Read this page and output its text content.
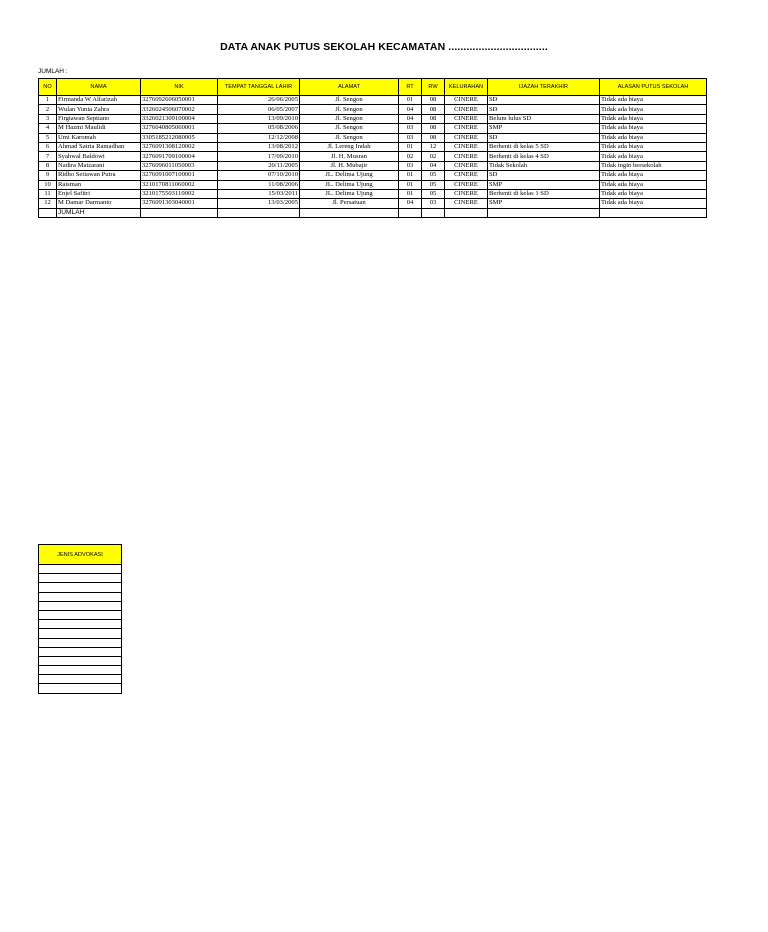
DATA ANAK PUTUS SEKOLAH KECAMATAN .................................
JUMLAH :
NO	NAMA	NIK	TEMPAT TANGGAL LAHIR	ALAMAT	RT	RW	KELURAHAN	IJAZAH TERAKHIR	ALASAN PUTUS SEKOLAH
1	Firmanda W Alfarizah	3276092606050001	26/06/2005	Jl. Sengon	01	08	CINERE	SD	Tidak ada biaya
2	Wulan Yunia Zahra	3326024506070002	06/05/2007	Jl. Sengon	04	08	CINERE	SD	Tidak ada biaya
3	Firgiawan Septiano	3326021309100004	13/09/2010	Jl. Sengon	04	08	CINERE	Belum lulus SD	Tidak ada biaya
4	M Hazmi Maulidi	3276040805060001	05/08/2006	Jl. Sengon	03	08	CINERE	SMP	Tidak ada biaya
5	Umi Karomah	3305185212080005	12/12/2008	Jl. Sengon	03	08	CINERE	SD	Tidak ada biaya
6	Ahmad Satria Ramadhan	3276091308120002	13/08/2012	Jl. Lereng Indah	01	12	CINERE	Berhenti di kelas 5 SD	Tidak ada biaya
7	Syahwal Baldowi	3276091709100004	17/09/2010	Jl. H. Musran	02	02	CINERE	Berhenti di kelas 4 SD	Tidak ada biaya
8	Nadira Maizarani	3276096011050003	20/11/2005	Jl. H. Mubajir	03	04	CINERE	Tidak Sekolah	Tidak ingin bersekolah
9	Ridho Setiawan Putra	3276091007100001	07/10/2010	JL. Delima Ujung	01	05	CINERE	SD	Tidak ada biaya
10	Raisman	3210170811060002	11/08/2006	JL. Delima Ujung	01	05	CINERE	SMP	Tidak ada biaya
11	Enjel Safitri	3210175503110002	15/03/2011	JL. Delima Ujung	01	05	CINERE	Berhenti di kelas 1 SD	Tidak ada biaya
12	M Damar Darmanto	3276091303040001	13/03/2005	Jl. Persatuan	04	03	CINERE	SMP	Tidak ada biaya
	JUMLAH								
JENIS ADVOKASI
